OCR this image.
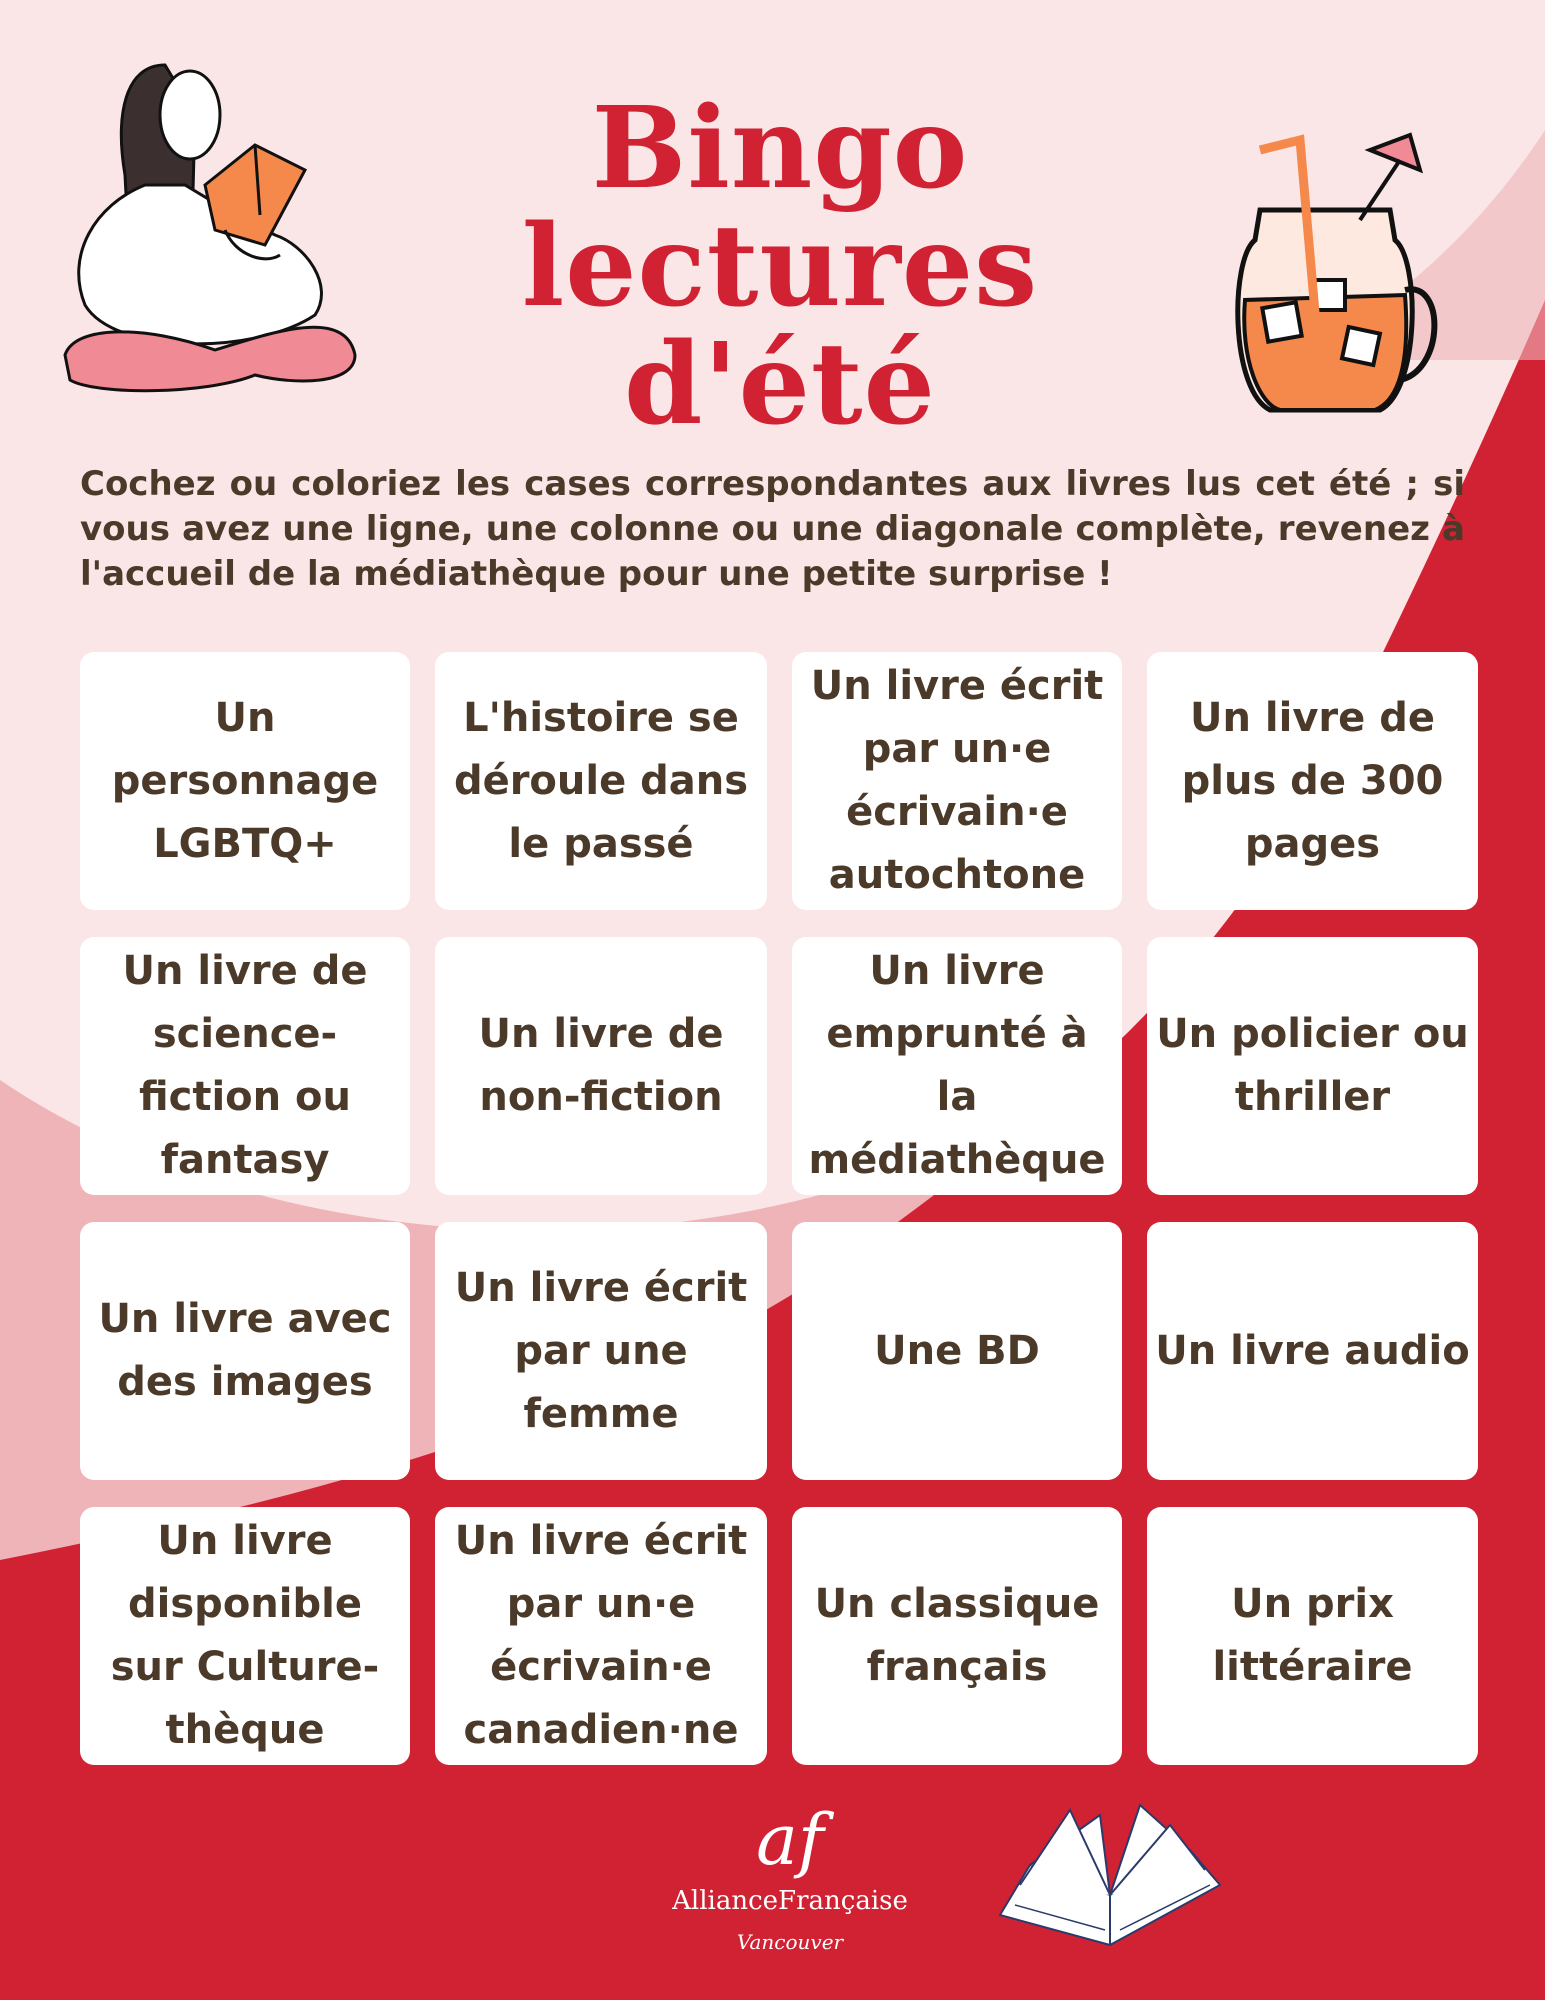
Bingo
lectures
d'été
Cochez ou coloriez les cases correspondantes aux livres lus cet été ; si vous avez une ligne, une colonne ou une diagonale complète, revenez à l'accueil de la médiathèque pour une petite surprise !
Un personnage LGBTQ+
L'histoire se déroule dans le passé
Un livre écrit par un·e écrivain·e autochtone
Un livre de plus de 300 pages
Un livre de science-fiction ou fantasy
Un livre de non-fiction
Un livre emprunté à la médiathèque
Un policier ou thriller
Un livre avec des images
Un livre écrit par une femme
Une BD	Un livre audio
Un livre disponible sur Culture-thèque
Un livre écrit par un·e écrivain·e canadien·ne
Un classique français
Un prix littéraire
af
AllianceFrançaise
Vancouver
